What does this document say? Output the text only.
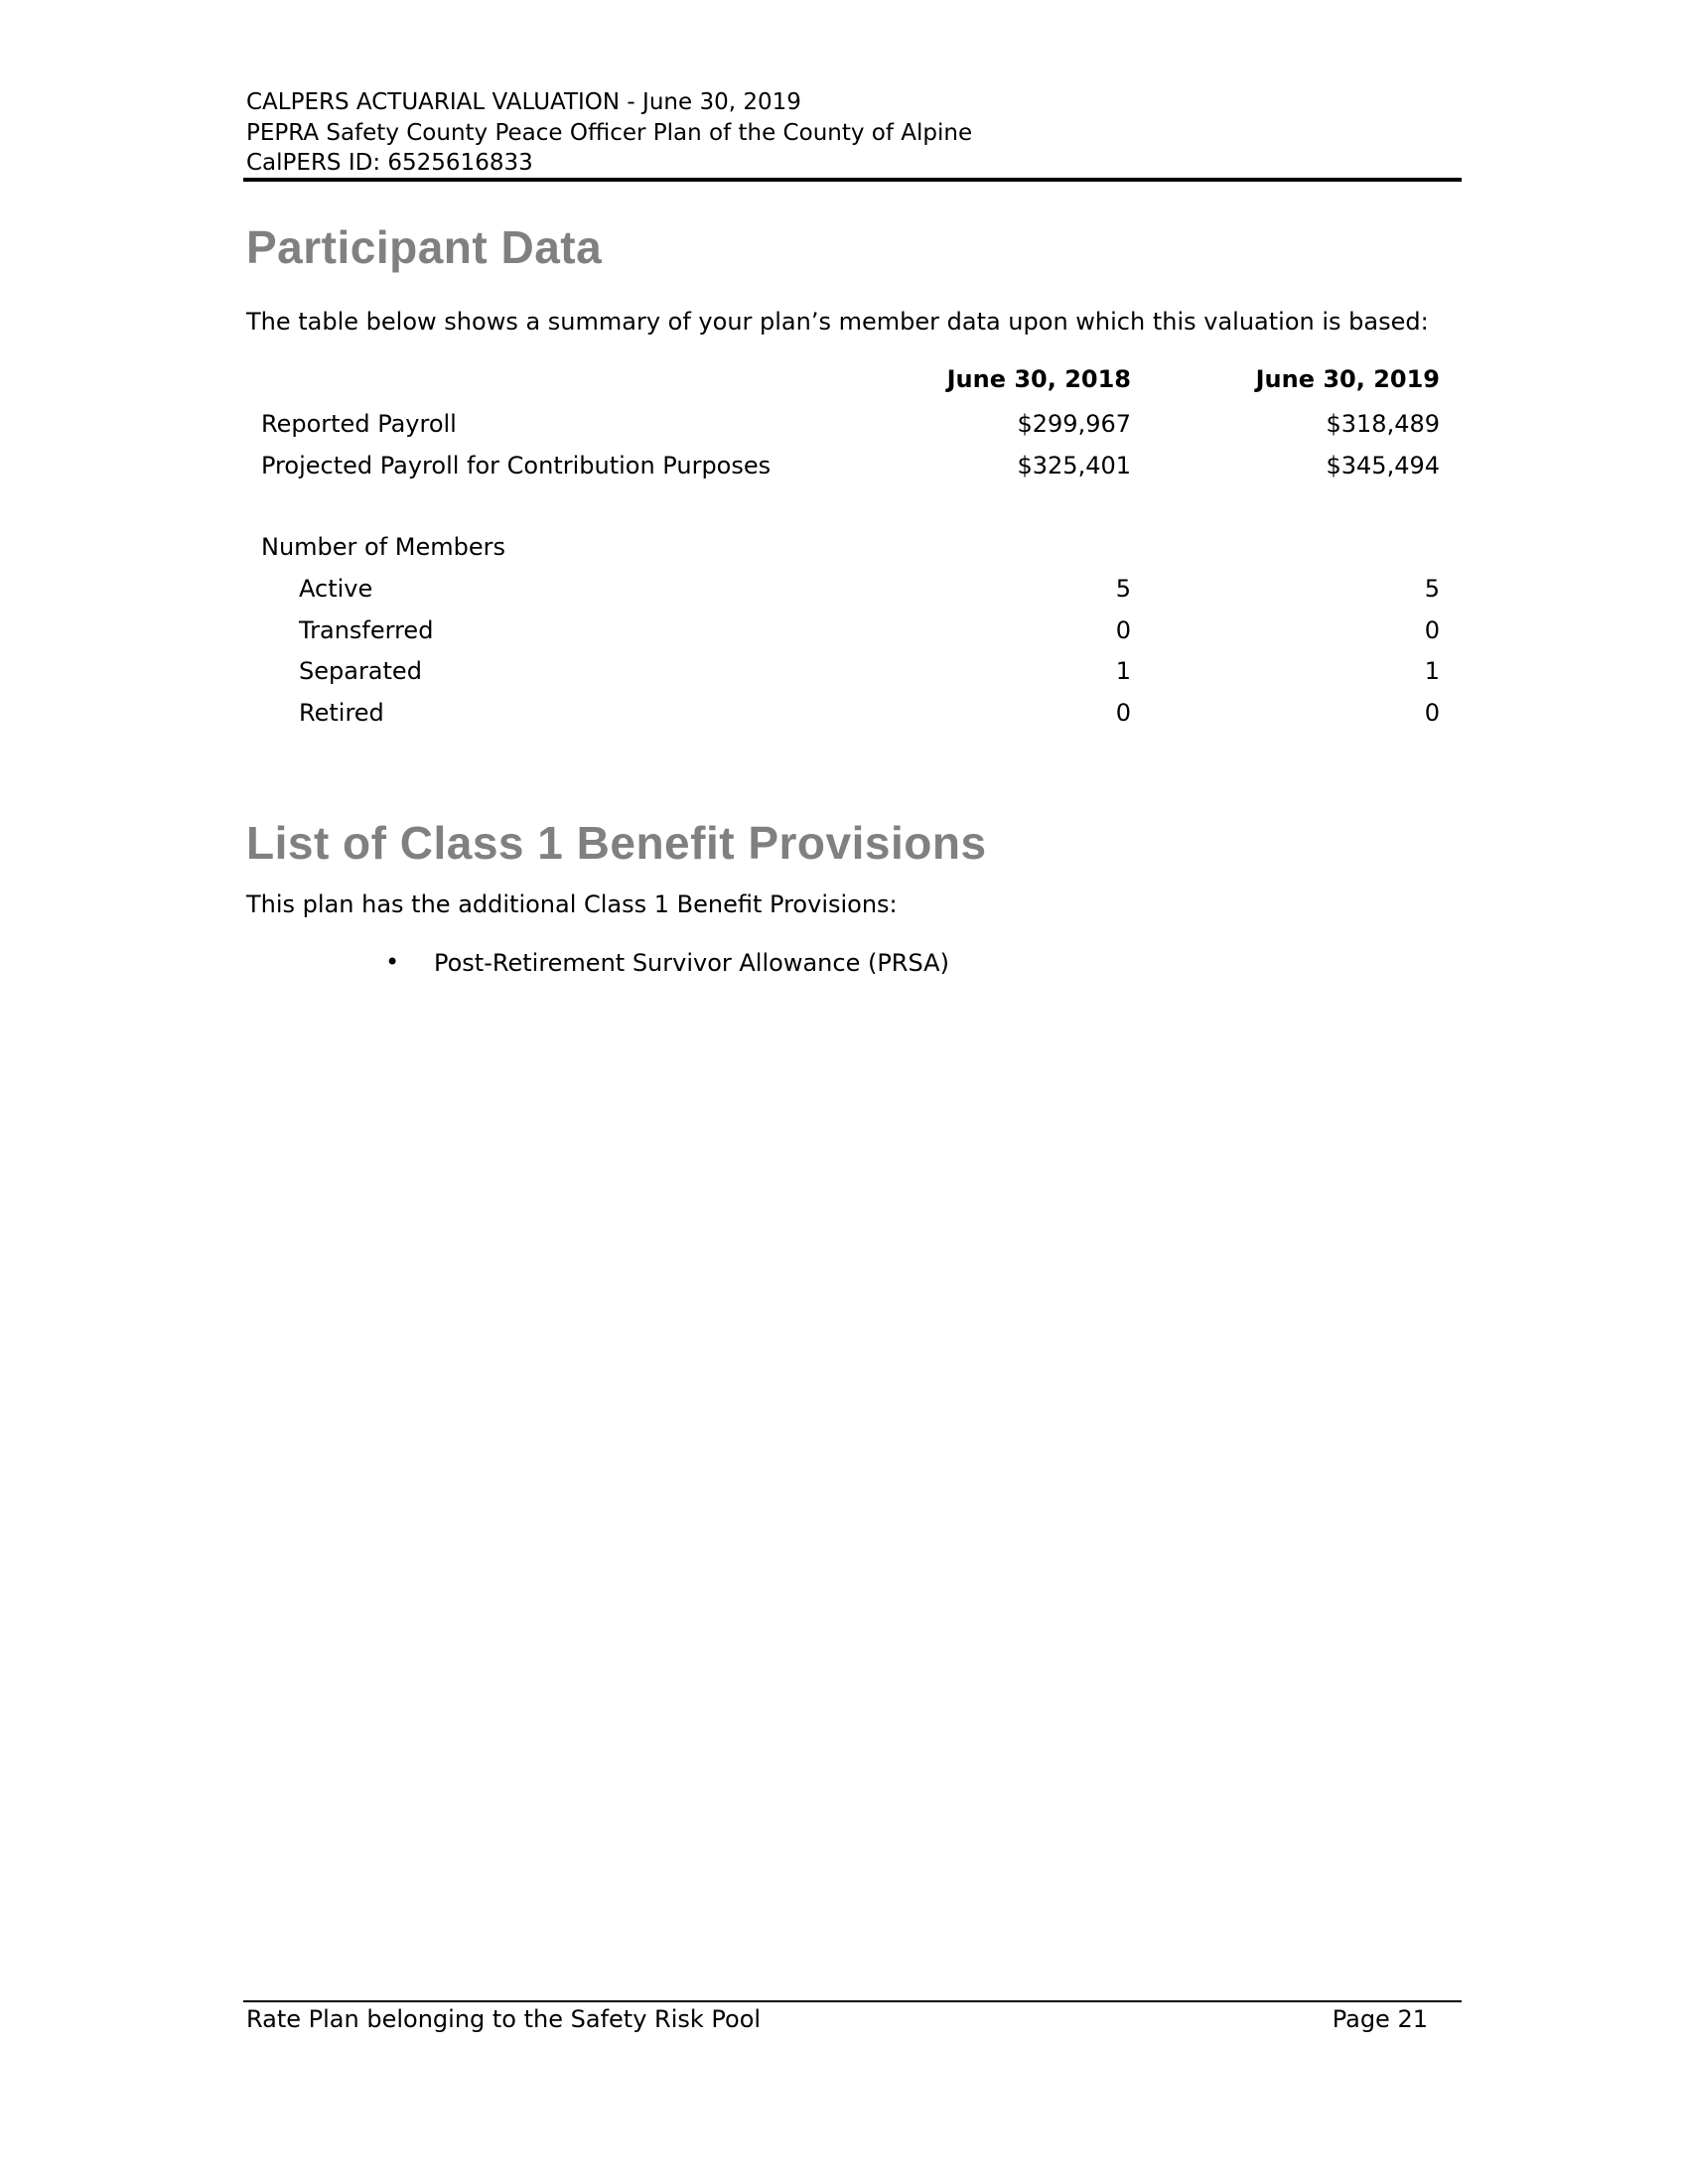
CALPERS ACTUARIAL VALUATION - June 30, 2019
PEPRA Safety County Peace Officer Plan of the County of Alpine
CalPERS ID: 6525616833
Participant Data
The table below shows a summary of your plan’s member data upon which this valuation is based:
June 30, 2018	June 30, 2019
Reported Payroll	$299,967	$318,489
Projected Payroll for Contribution Purposes	$325,401	$345,494
Number of Members
Active	5	5
Transferred	0	0
Separated	1	1
Retired	0	0
List of Class 1 Benefit Provisions
This plan has the additional Class 1 Benefit Provisions:
• Post-Retirement Survivor Allowance (PRSA)
Rate Plan belonging to the Safety Risk Pool	Page 21
